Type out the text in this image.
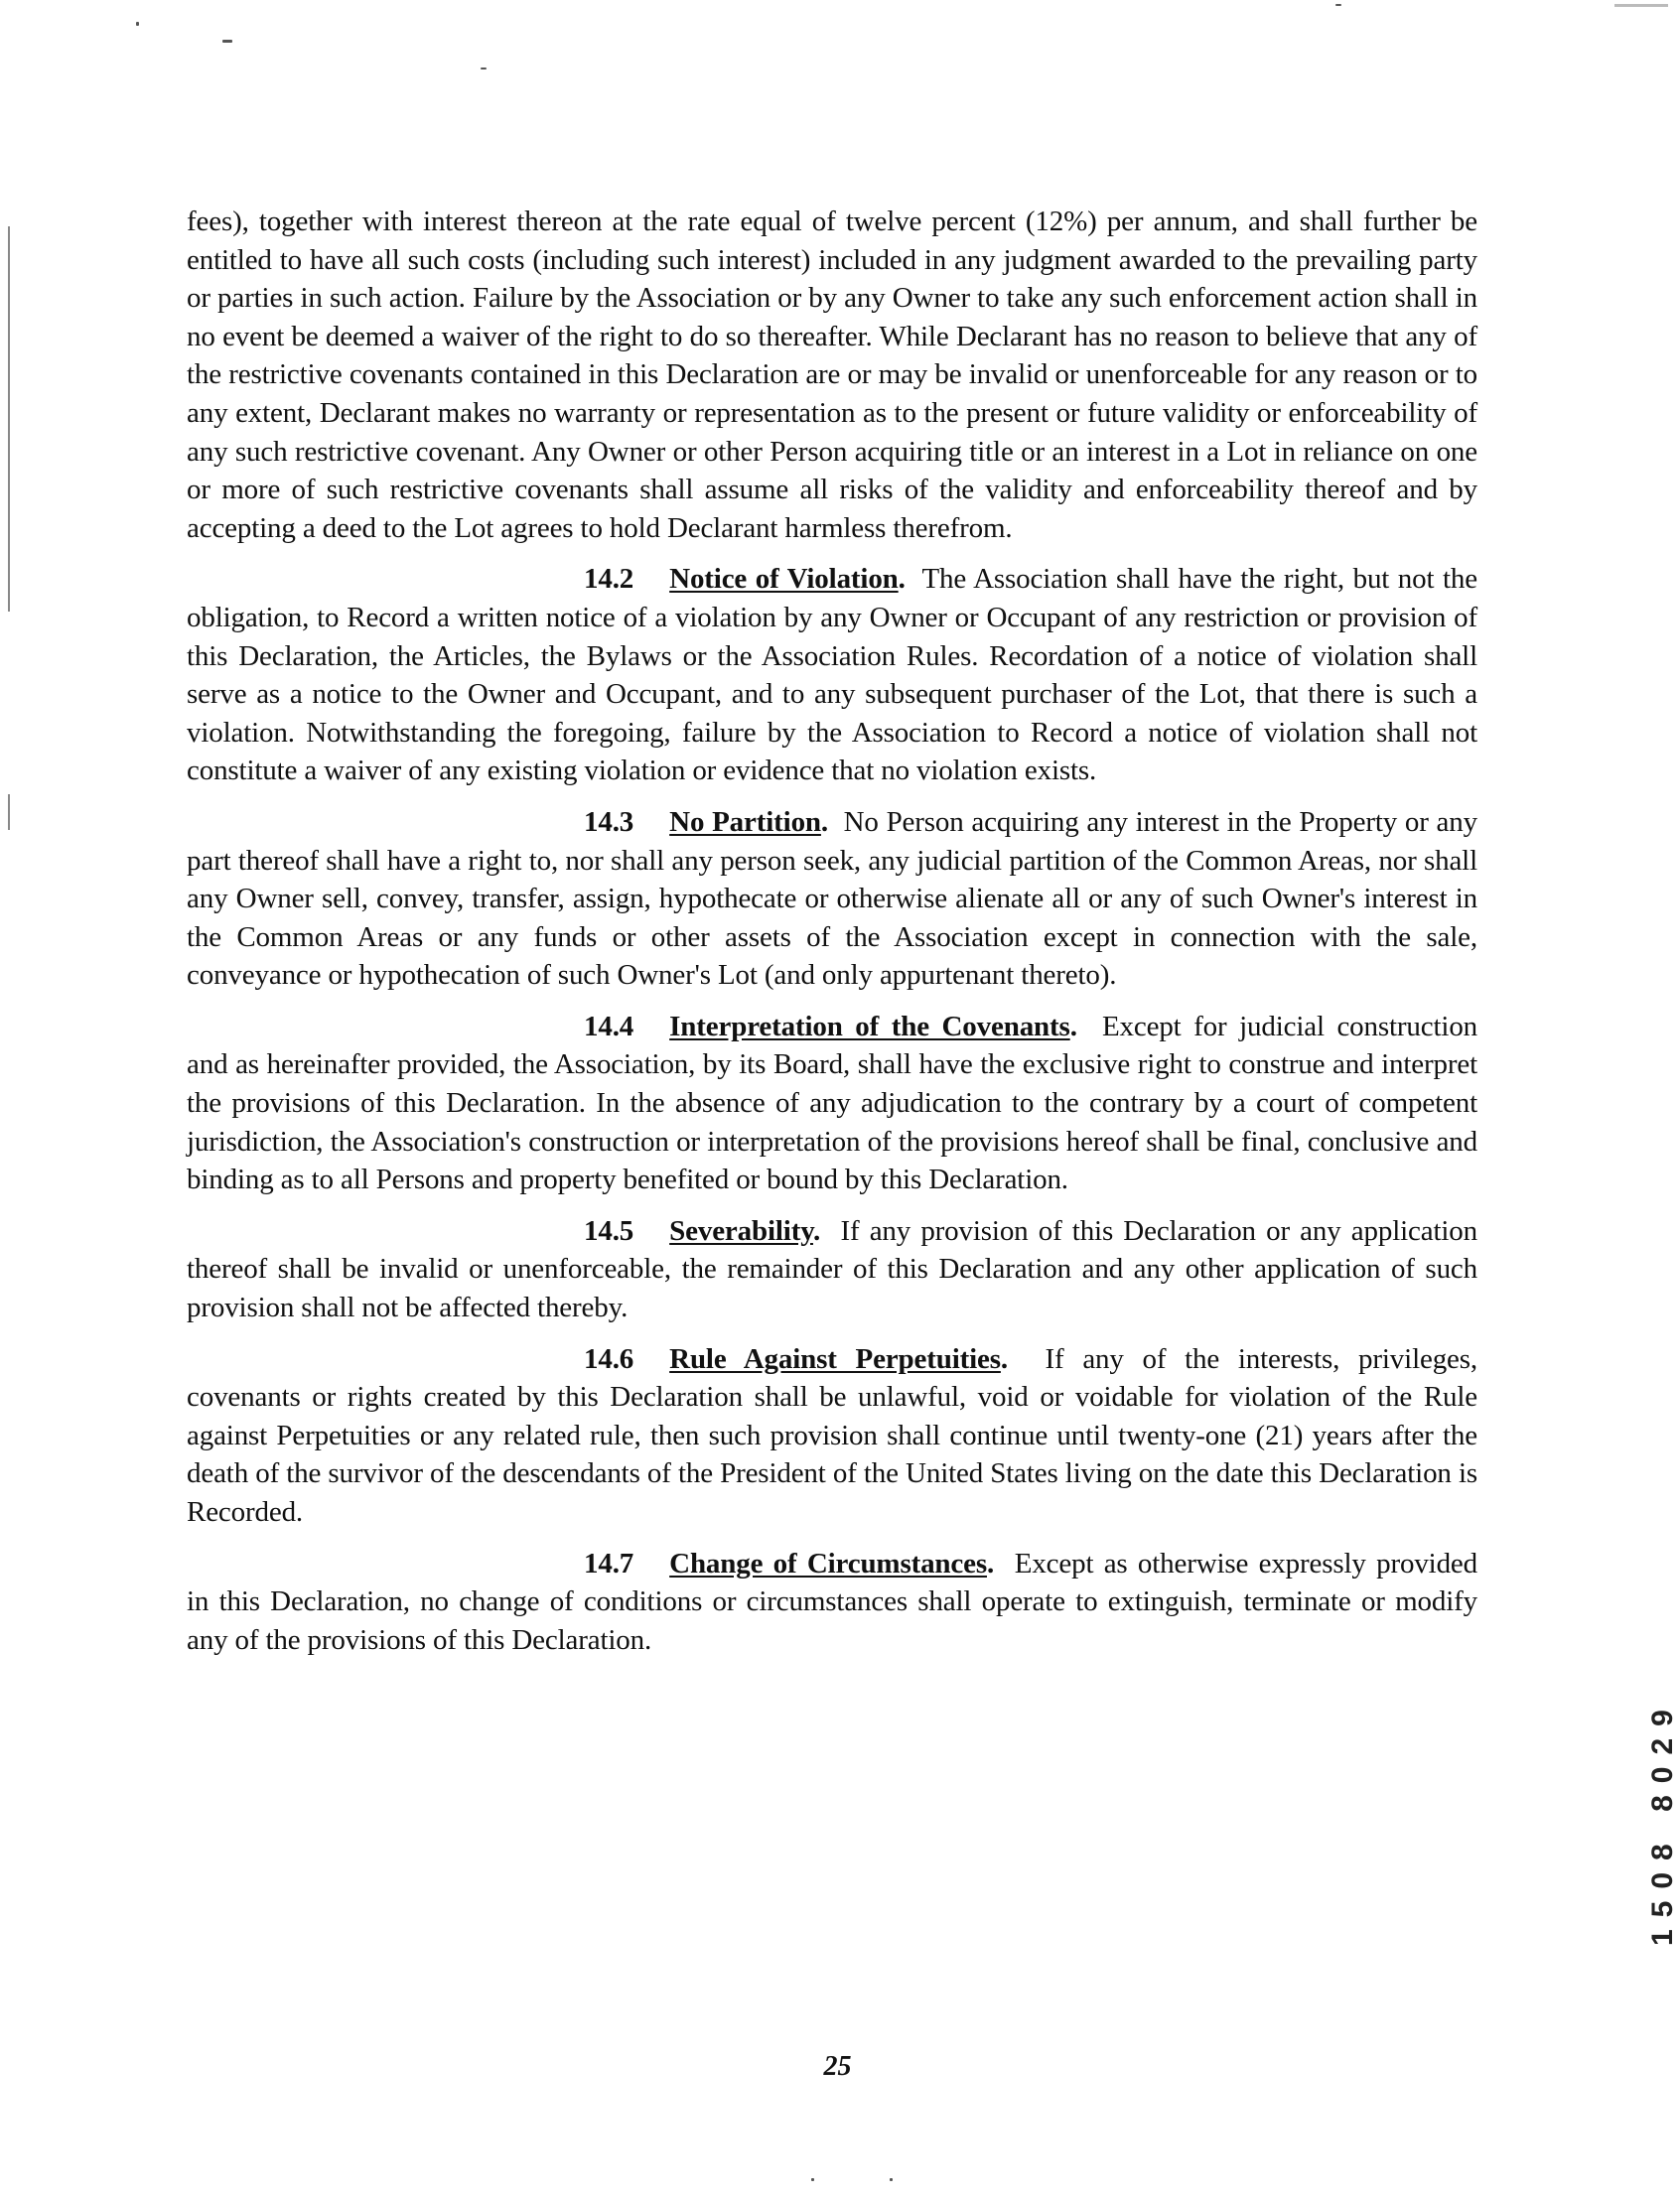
fees), together with interest thereon at the rate equal of twelve percent (12%) per annum, and shall further be entitled to have all such costs (including such interest) included in any judgment awarded to the prevailing party or parties in such action. Failure by the Association or by any Owner to take any such enforcement action shall in no event be deemed a waiver of the right to do so thereafter. While Declarant has no reason to believe that any of the restrictive covenants contained in this Declaration are or may be invalid or unenforceable for any reason or to any extent, Declarant makes no warranty or representation as to the present or future validity or enforceability of any such restrictive covenant. Any Owner or other Person acquiring title or an interest in a Lot in reliance on one or more of such restrictive covenants shall assume all risks of the validity and enforceability thereof and by accepting a deed to the Lot agrees to hold Declarant harmless therefrom.

14.2 Notice of Violation. The Association shall have the right, but not the obligation, to Record a written notice of a violation by any Owner or Occupant of any restriction or provision of this Declaration, the Articles, the Bylaws or the Association Rules. Recordation of a notice of violation shall serve as a notice to the Owner and Occupant, and to any subsequent purchaser of the Lot, that there is such a violation. Notwithstanding the foregoing, failure by the Association to Record a notice of violation shall not constitute a waiver of any existing violation or evidence that no violation exists.

14.3 No Partition. No Person acquiring any interest in the Property or any part thereof shall have a right to, nor shall any person seek, any judicial partition of the Common Areas, nor shall any Owner sell, convey, transfer, assign, hypothecate or otherwise alienate all or any of such Owner's interest in the Common Areas or any funds or other assets of the Association except in connection with the sale, conveyance or hypothecation of such Owner's Lot (and only appurtenant thereto).

14.4 Interpretation of the Covenants. Except for judicial construction and as hereinafter provided, the Association, by its Board, shall have the exclusive right to construe and interpret the provisions of this Declaration. In the absence of any adjudication to the contrary by a court of competent jurisdiction, the Association's construction or interpretation of the provisions hereof shall be final, conclusive and binding as to all Persons and property benefited or bound by this Declaration.

14.5 Severability. If any provision of this Declaration or any application thereof shall be invalid or unenforceable, the remainder of this Declaration and any other application of such provision shall not be affected thereby.

14.6 Rule Against Perpetuities. If any of the interests, privileges, covenants or rights created by this Declaration shall be unlawful, void or voidable for violation of the Rule against Perpetuities or any related rule, then such provision shall continue until twenty-one (21) years after the death of the survivor of the descendants of the President of the United States living on the date this Declaration is Recorded.

14.7 Change of Circumstances. Except as otherwise expressly provided in this Declaration, no change of conditions or circumstances shall operate to extinguish, terminate or modify any of the provisions of this Declaration.

25
1508 8029
